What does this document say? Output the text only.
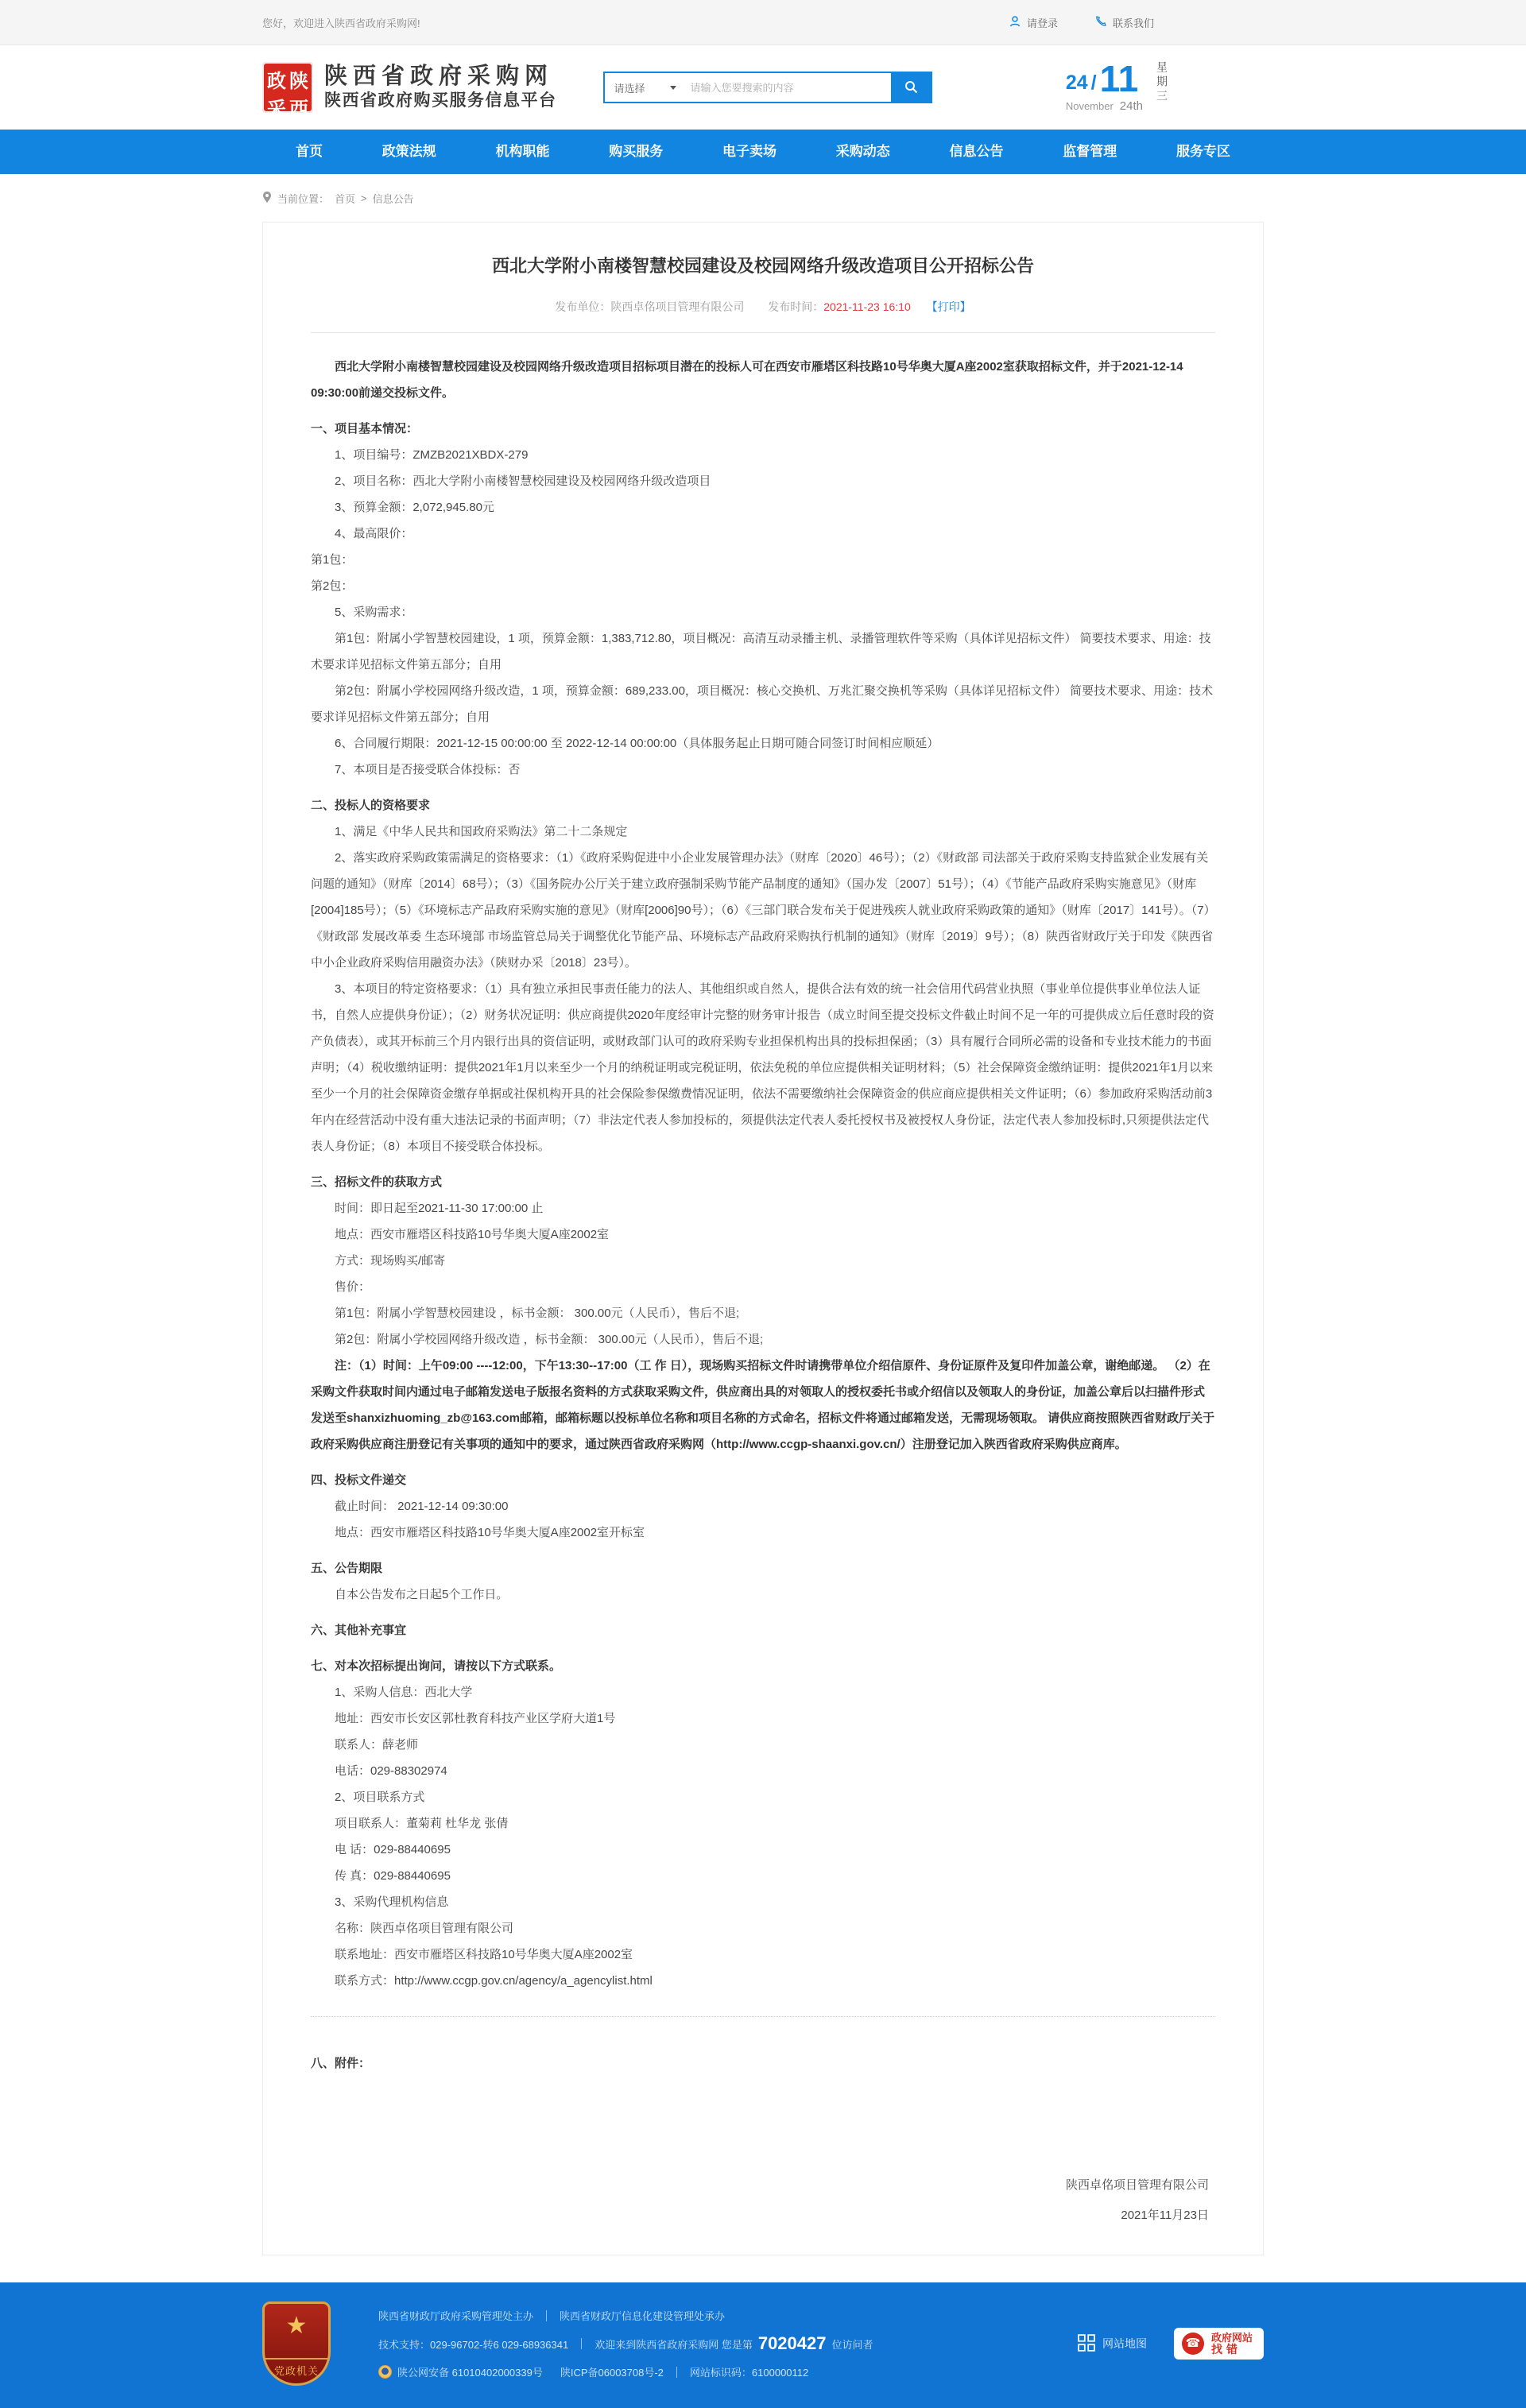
您好，欢迎进入陕西省政府采购网!	请登录	联系我们
政 陕
采 西
陕西省政府采购网
陕西省政府购买服务信息平台
请选择
请输入您要搜索的内容	24 / 11
November 24th
星期三
首页	政策法规	机构职能	购买服务	电子卖场	采购动态	信息公告	监督管理	服务专区
当前位置： 首页 > 信息公告
西北大学附小南楼智慧校园建设及校园网络升级改造项目公开招标公告
发布单位：陕西卓佲项目管理有限公司 发布时间：2021-11-23 16:10 【打印】

西北大学附小南楼智慧校园建设及校园网络升级改造项目招标项目潜在的投标人可在西安市雁塔区科技路10号华奥大厦A座2002室获取招标文件，并于2021-12-14 09:30:00前递交投标文件。

一、项目基本情况：

1、项目编号：ZMZB2021XBDX-279

2、项目名称：西北大学附小南楼智慧校园建设及校园网络升级改造项目

3、预算金额：2,072,945.80元

4、最高限价：

第1包：

第2包：

5、采购需求：

第1包：附属小学智慧校园建设，1 项，预算金额：1,383,712.80，项目概况：高清互动录播主机、录播管理软件等采购（具体详见招标文件） 简要技术要求、用途：技术要求详见招标文件第五部分；自用

第2包：附属小学校园网络升级改造，1 项，预算金额：689,233.00，项目概况：核心交换机、万兆汇聚交换机等采购（具体详见招标文件） 简要技术要求、用途：技术要求详见招标文件第五部分；自用

6、合同履行期限：2021-12-15 00:00:00 至 2022-12-14 00:00:00（具体服务起止日期可随合同签订时间相应顺延）

7、本项目是否接受联合体投标：否

二、投标人的资格要求

1、满足《中华人民共和国政府采购法》第二十二条规定

2、落实政府采购政策需满足的资格要求：（1）《政府采购促进中小企业发展管理办法》（财库〔2020〕46号）；（2）《财政部 司法部关于政府采购支持监狱企业发展有关问题的通知》（财库〔2014〕68号）；（3）《国务院办公厅关于建立政府强制采购节能产品制度的通知》（国办发〔2007〕51号）；（4）《节能产品政府采购实施意见》（财库[2004]185号）；（5）《环境标志产品政府采购实施的意见》（财库[2006]90号）；（6）《三部门联合发布关于促进残疾人就业政府采购政策的通知》（财库〔2017〕141号）。（7）《财政部 发展改革委 生态环境部 市场监管总局关于调整优化节能产品、环境标志产品政府采购执行机制的通知》（财库〔2019〕9号）；（8）陕西省财政厅关于印发《陕西省中小企业政府采购信用融资办法》（陕财办采〔2018〕23号）。

3、本项目的特定资格要求：（1）具有独立承担民事责任能力的法人、其他组织或自然人，提供合法有效的统一社会信用代码营业执照（事业单位提供事业单位法人证书，自然人应提供身份证）；（2）财务状况证明：供应商提供2020年度经审计完整的财务审计报告（成立时间至提交投标文件截止时间不足一年的可提供成立后任意时段的资产负债表），或其开标前三个月内银行出具的资信证明，或财政部门认可的政府采购专业担保机构出具的投标担保函；（3）具有履行合同所必需的设备和专业技术能力的书面声明；（4）税收缴纳证明：提供2021年1月以来至少一个月的纳税证明或完税证明，依法免税的单位应提供相关证明材料；（5）社会保障资金缴纳证明：提供2021年1月以来至少一个月的社会保障资金缴存单据或社保机构开具的社会保险参保缴费情况证明，依法不需要缴纳社会保障资金的供应商应提供相关文件证明；（6）参加政府采购活动前3年内在经营活动中没有重大违法记录的书面声明；（7）非法定代表人参加投标的，须提供法定代表人委托授权书及被授权人身份证，法定代表人参加投标时,只须提供法定代表人身份证；（8）本项目不接受联合体投标。

三、招标文件的获取方式

时间：即日起至2021-11-30 17:00:00 止

地点：西安市雁塔区科技路10号华奥大厦A座2002室

方式：现场购买/邮寄

售价：

第1包：附属小学智慧校园建设 ，标书金额： 300.00元（人民币），售后不退;

第2包：附属小学校园网络升级改造 ，标书金额： 300.00元（人民币），售后不退;

注：（1）时间：上午09:00 ----12:00，下午13:30--17:00（工 作 日），现场购买招标文件时请携带单位介绍信原件、身份证原件及复印件加盖公章，谢绝邮递。 （2）在采购文件获取时间内通过电子邮箱发送电子版报名资料的方式获取采购文件，供应商出具的对领取人的授权委托书或介绍信以及领取人的身份证，加盖公章后以扫描件形式发送至shanxizhuoming_zb@163.com邮箱，邮箱标题以投标单位名称和项目名称的方式命名，招标文件将通过邮箱发送，无需现场领取。 请供应商按照陕西省财政厅关于政府采购供应商注册登记有关事项的通知中的要求，通过陕西省政府采购网（http://www.ccgp-shaanxi.gov.cn/）注册登记加入陕西省政府采购供应商库。

四、投标文件递交

截止时间： 2021-12-14 09:30:00

地点：西安市雁塔区科技路10号华奥大厦A座2002室开标室

五、公告期限

自本公告发布之日起5个工作日。

六、其他补充事宜

七、对本次招标提出询问，请按以下方式联系。

1、采购人信息：西北大学

地址：西安市长安区郭杜教育科技产业区学府大道1号

联系人：薛老师

电话：029-88302974

2、项目联系方式

项目联系人：董菊莉 杜华龙 张倩

电 话：029-88440695

传 真：029-88440695

3、采购代理机构信息

名称：陕西卓佲项目管理有限公司

联系地址：西安市雁塔区科技路10号华奥大厦A座2002室

联系方式：http://www.ccgp.gov.cn/agency/a_agencylist.html

八、附件：

陕西卓佲项目管理有限公司
2021年11月23日
★
党政机关
陕西省财政厅政府采购管理处主办	陕西省财政厅信息化建设管理处承办
技术支持：029-96702-转6 029-68936341	欢迎来到陕西省政府采购网 您是第 7020427 位访问者
陕公网安备 61010402000339号 陕ICP备06003708号-2	网站标识码：6100000112
网站地图	☎	政府网站
找错
